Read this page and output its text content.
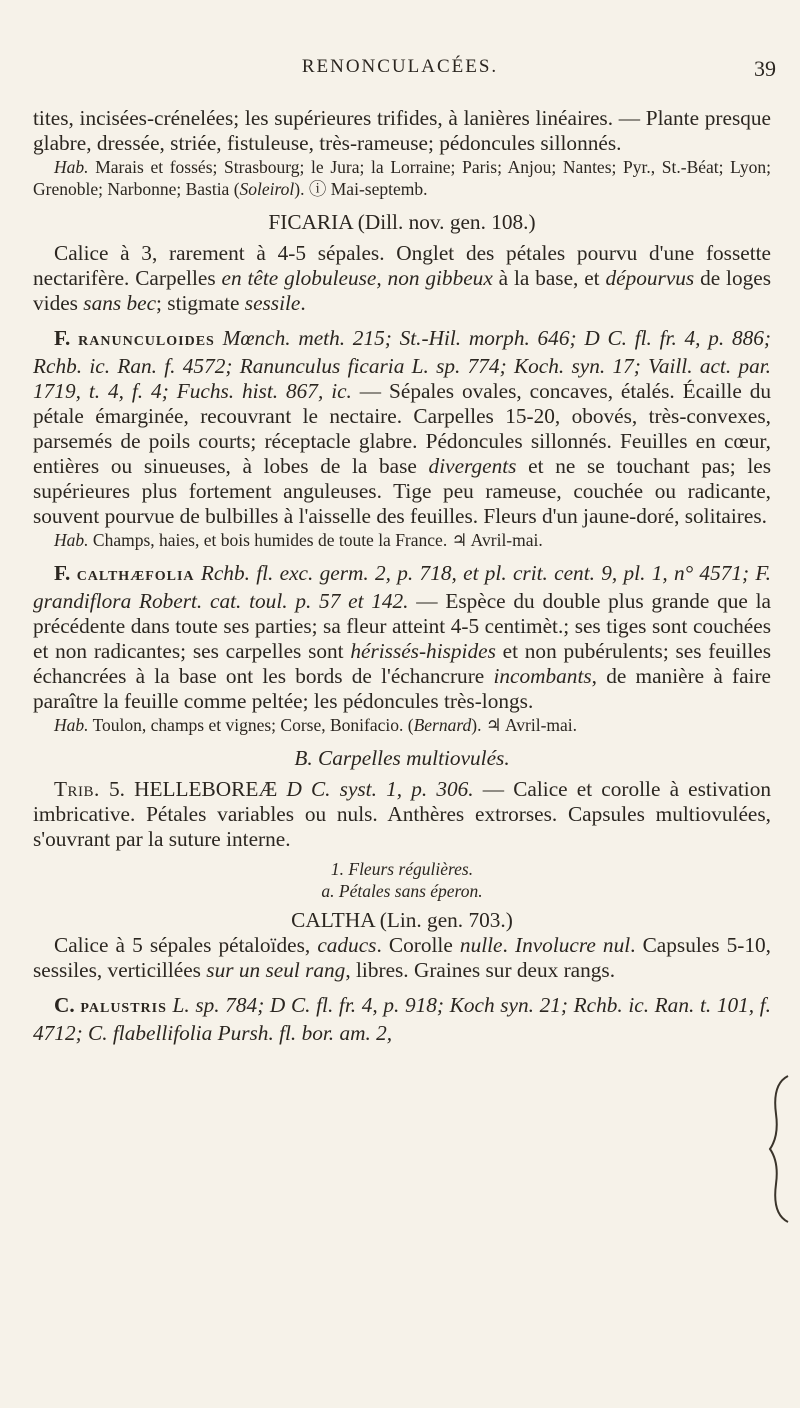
RENONCULACÉES.	39

tites, incisées-crénelées; les supérieures trifides, à lanières linéaires. — Plante presque glabre, dressée, striée, fistuleuse, très-rameuse; pédoncules sillonnés.

Hab. Marais et fossés; Strasbourg; le Jura; la Lorraine; Paris; Anjou; Nantes; Pyr., St.-Béat; Lyon; Grenoble; Narbonne; Bastia (Soleirol). ⓘ Mai-septemb.

FICARIA (Dill. nov. gen. 108.)

Calice à 3, rarement à 4-5 sépales. Onglet des pétales pourvu d'une fossette nectarifère. Carpelles en tête globuleuse, non gibbeux à la base, et dépourvus de loges vides sans bec; stigmate sessile.

F. RANUNCULOIDES Mœnch. meth. 215; St.-Hil. morph. 646; D C. fl. fr. 4, p. 886; Rchb. ic. Ran. f. 4572; Ranunculus ficaria L. sp. 774; Koch. syn. 17; Vaill. act. par. 1719, t. 4, f. 4; Fuchs. hist. 867, ic. — Sépales ovales, concaves, étalés. Écaille du pétale émarginée, recouvrant le nectaire. Carpelles 15-20, obovés, très-convexes, parsemés de poils courts; réceptacle glabre. Pédoncules sillonnés. Feuilles en cœur, entières ou sinueuses, à lobes de la base divergents et ne se touchant pas; les supérieures plus fortement anguleuses. Tige peu rameuse, couchée ou radicante, souvent pourvue de bulbilles à l'aisselle des feuilles. Fleurs d'un jaune-doré, solitaires.

Hab. Champs, haies, et bois humides de toute la France. ♃ Avril-mai.

F. CALTHÆFOLIA Rchb. fl. exc. germ. 2, p. 718, et pl. crit. cent. 9, pl. 1, n° 4571; F. grandiflora Robert. cat. toul. p. 57 et 142. — Espèce du double plus grande que la précédente dans toute ses parties; sa fleur atteint 4-5 centimèt.; ses tiges sont couchées et non radicantes; ses carpelles sont hérissés-hispides et non pubérulents; ses feuilles échancrées à la base ont les bords de l'échancrure incombants, de manière à faire paraître la feuille comme peltée; les pédoncules très-longs.

Hab. Toulon, champs et vignes; Corse, Bonifacio. (Bernard). ♃ Avril-mai.

B. Carpelles multiovulés.

Trib. 5. HELLEBOREÆ D C. syst. 1, p. 306. — Calice et corolle à estivation imbricative. Pétales variables ou nuls. Anthères extrorses. Capsules multiovulées, s'ouvrant par la suture interne.

1. Fleurs régulières.

a. Pétales sans éperon.

CALTHA (Lin. gen. 703.)

Calice à 5 sépales pétaloïdes, caducs. Corolle nulle. Involucre nul. Capsules 5-10, sessiles, verticillées sur un seul rang, libres. Graines sur deux rangs.

C. PALUSTRIS L. sp. 784; D C. fl. fr. 4, p. 918; Koch syn. 21; Rchb. ic. Ran. t. 101, f. 4712; C. flabellifolia Pursh. fl. bor. am. 2,
